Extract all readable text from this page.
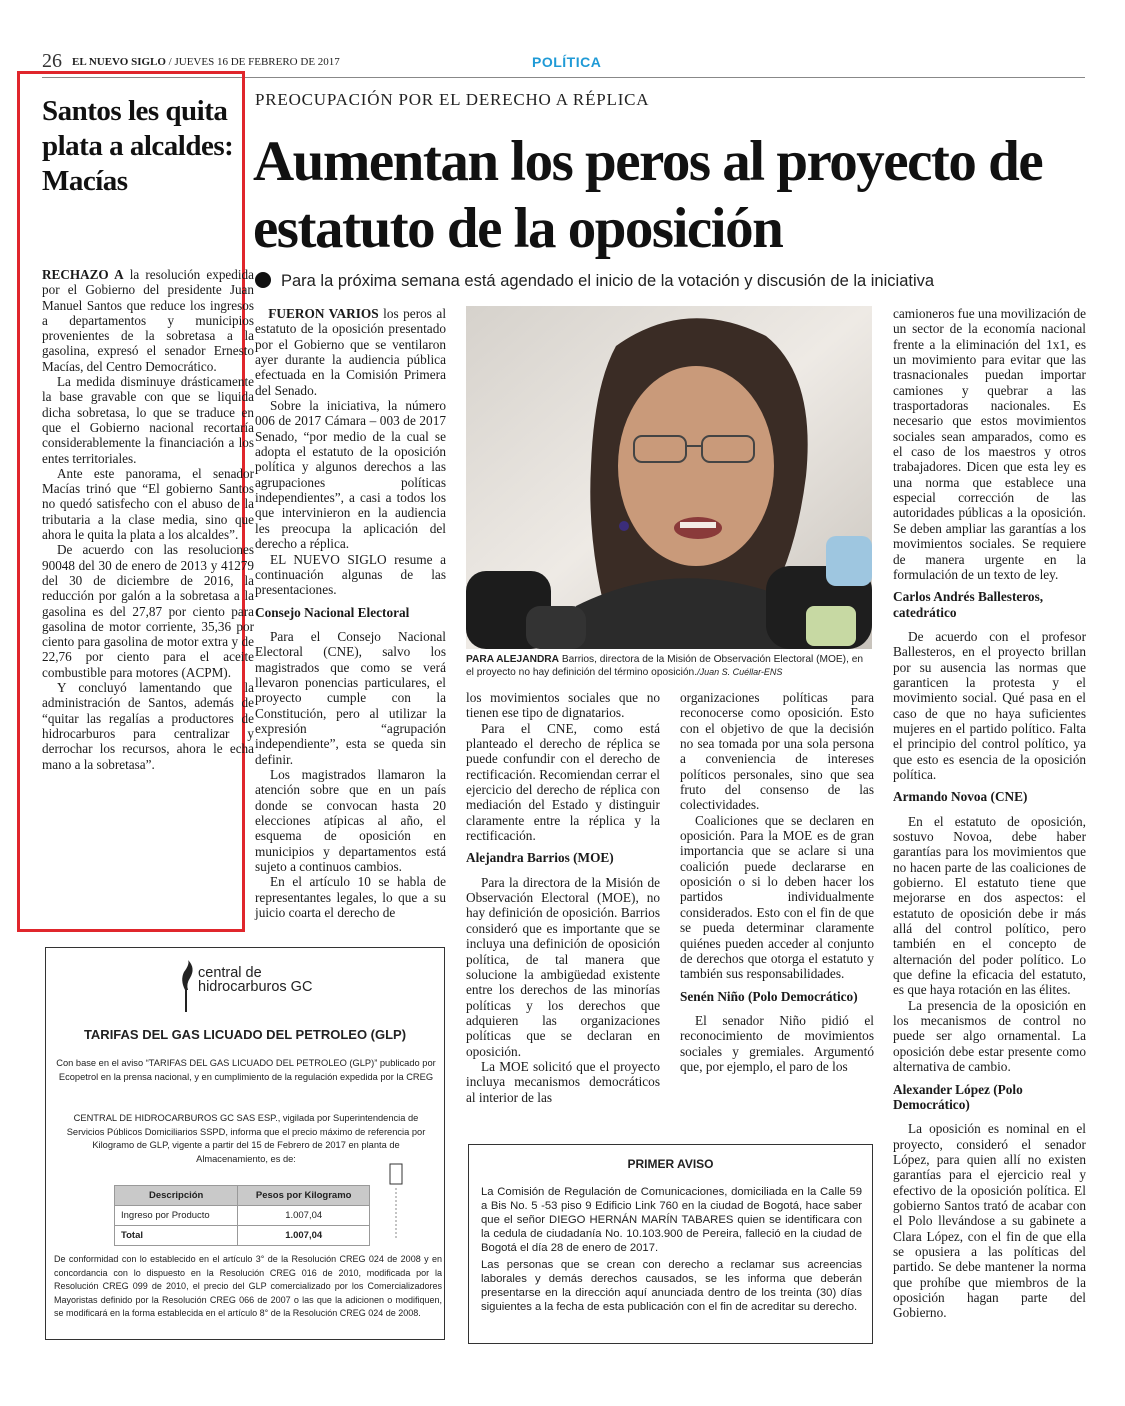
26 EL NUEVO SIGLO / JUEVES 16 DE FEBRERO DE 2017	POLÍTICA
Santos les quita plata a alcaldes: Macías

RECHAZO A la resolución expedida por el Gobierno del presidente Juan Manuel Santos que reduce los ingresos a departamentos y municipios provenientes de la sobretasa a la gasolina, expresó el senador Ernesto Macías, del Centro Democrático.

La medida disminuye drásticamente la base gravable con que se liquida dicha sobretasa, lo que se traduce en que el Gobierno nacional recortaría considerablemente la financiación a los entes territoriales.

Ante este panorama, el senador Macías trinó que “El gobierno Santos no quedó satisfecho con el abuso de la tributaria a la clase media, sino que ahora le quita la plata a los alcaldes”.

De acuerdo con las resoluciones 90048 del 30 de enero de 2013 y 41279 del 30 de diciembre de 2016, la reducción por galón a la sobretasa a la gasolina es del 27,87 por ciento para gasolina de motor corriente, 35,36 por ciento para gasolina de motor extra y de 22,76 por ciento para el aceite combustible para motores (ACPM).

Y concluyó lamentando que la administración de Santos, además de “quitar las regalías a productores de hidrocarburos para centralizar y derrochar los recursos, ahora le echa mano a la sobretasa”.

PREOCUPACIÓN POR EL DERECHO A RÉPLICA
Aumentan los peros al proyecto de estatuto de la oposición
Para la próxima semana está agendado el inicio de la votación y discusión de la iniciativa

 FUERON VARIOS los peros al estatuto de la oposición presentado por el Gobierno que se ventilaron ayer durante la audiencia pública efectuada en la Comisión Primera del Senado.

Sobre la iniciativa, la número 006 de 2017 Cámara – 003 de 2017 Senado, “por medio de la cual se adopta el estatuto de la oposición política y algunos derechos a las agrupaciones políticas independientes”, a casi a todos los que intervinieron en la audiencia les preocupa la aplicación del derecho a réplica.

EL NUEVO SIGLO resume a continuación algunas de las presentaciones.

Consejo Nacional Electoral

Para el Consejo Nacional Electoral (CNE), salvo los magistrados que como se verá llevaron ponencias particulares, el proyecto cumple con la Constitución, pero al utilizar la expresión “agrupación independiente”, esta se queda sin definir.

Los magistrados llamaron la atención sobre que en un país donde se convocan hasta 20 elecciones atípicas al año, el esquema de oposición en municipios y departamentos está sujeto a continuos cambios.

En el artículo 10 se habla de representantes legales, lo que a su juicio coarta el derecho de

PARA ALEJANDRA Barrios, directora de la Misión de Observación Electoral (MOE), en el proyecto no hay definición del término oposición./Juan S. Cuéllar-ENS

los movimientos sociales que no tienen ese tipo de dignatarios.

Para el CNE, como está planteado el derecho de réplica se puede confundir con el derecho de rectificación. Recomiendan cerrar el ejercicio del derecho de réplica con mediación del Estado y distinguir claramente entre la réplica y la rectificación.

Alejandra Barrios (MOE)

Para la directora de la Misión de Observación Electoral (MOE), no hay definición de oposición. Barrios consideró que es importante que se incluya una definición de oposición política, de tal manera que solucione la ambigüedad existente entre los derechos de las minorías políticas y los derechos que adquieren las organizaciones políticas que se declaran en oposición.

La MOE solicitó que el proyecto incluya mecanismos democráticos al interior de las

organizaciones políticas para reconocerse como oposición. Esto con el objetivo de que la decisión no sea tomada por una sola persona a conveniencia de intereses políticos personales, sino que sea fruto del consenso de las colectividades.

Coaliciones que se declaren en oposición. Para la MOE es de gran importancia que se aclare si una coalición puede declararse en oposición o si lo deben hacer los partidos individualmente considerados. Esto con el fin de que se pueda determinar claramente quiénes pueden acceder al conjunto de derechos que otorga el estatuto y también sus responsabilidades.

Senén Niño (Polo Democrático)

El senador Niño pidió el reconocimiento de movimientos sociales y gremiales. Argumentó que, por ejemplo, el paro de los

camioneros fue una movilización de un sector de la economía nacional frente a la eliminación del 1x1, es un movimiento para evitar que las trasnacionales puedan importar camiones y quebrar a las trasportadoras nacionales. Es necesario que estos movimientos sociales sean amparados, como es el caso de los maestros y otros trabajadores. Dicen que esta ley es una norma que establece una especial corrección de las autoridades públicas a la oposición. Se deben ampliar las garantías a los movimientos sociales. Se requiere de manera urgente en la formulación de un texto de ley.

Carlos Andrés Ballesteros, catedrático

De acuerdo con el profesor Ballesteros, en el proyecto brillan por su ausencia las normas que garanticen la protesta y el movimiento social. Qué pasa en el caso de que no haya suficientes mujeres en el partido político. Falta el principio del control político, ya que esto es esencia de la oposición política.

Armando Novoa (CNE)

En el estatuto de oposición, sostuvo Novoa, debe haber garantías para los movimientos que no hacen parte de las coaliciones de gobierno. El estatuto tiene que mejorarse en dos aspectos: el estatuto de oposición debe ir más allá del control político, pero también en el concepto de alternación del poder político. Lo que define la eficacia del estatuto, es que haya rotación en las élites.

La presencia de la oposición en los mecanismos de control no puede ser algo ornamental. La oposición debe estar presente como alternativa de cambio.

Alexander López (Polo Democrático)

La oposición es nominal en el proyecto, consideró el senador López, para quien allí no existen garantías para el ejercicio real y efectivo de la oposición política. El gobierno Santos trató de acabar con el Polo llevándose a su gabinete a Clara López, con el fin de que ella se opusiera a las políticas del partido. Se debe mantener la norma que prohíbe que miembros de la oposición hagan parte del Gobierno.

central de
hidrocarburos GC
TARIFAS DEL GAS LICUADO DEL PETROLEO (GLP)
Con base en el aviso “TARIFAS DEL GAS LICUADO DEL PETROLEO (GLP)” publicado por Ecopetrol en la prensa nacional, y en cumplimiento de la regulación expedida por la CREG
CENTRAL DE HIDROCARBUROS GC SAS ESP., vigilada por Superintendencia de Servicios Públicos Domiciliarios SSPD, informa que el precio máximo de referencia por Kilogramo de GLP, vigente a partir del 15 de Febrero de 2017 en planta de Almacenamiento, es de:
Descripción	Pesos por Kilogramo
Ingreso por Producto	1.007,04
Total	1.007,04
De conformidad con lo establecido en el artículo 3° de la Resolución CREG 024 de 2008 y en concordancia con lo dispuesto en la Resolución CREG 016 de 2010, modificada por la Resolución CREG 099 de 2010, el precio del GLP comercializado por los Comercializadores Mayoristas definido por la Resolución CREG 066 de 2007 o las que la adicionen o modifiquen, se modificará en la forma establecida en el artículo 8° de la Resolución CREG 024 de 2008.
PRIMER AVISO

La Comisión de Regulación de Comunicaciones, domiciliada en la Calle 59 a Bis No. 5 -53 piso 9 Edificio Link 760 en la ciudad de Bogotá, hace saber que el señor DIEGO HERNÁN MARÍN TABARES quien se identificara con la cedula de ciudadanía No. 10.103.900 de Pereira, falleció en la ciudad de Bogotá el día 28 de enero de 2017.

Las personas que se crean con derecho a reclamar sus acreencias laborales y demás derechos causados, se les informa que deberán presentarse en la dirección aquí anunciada dentro de los treinta (30) días siguientes a la fecha de esta publicación con el fin de acreditar su derecho.
